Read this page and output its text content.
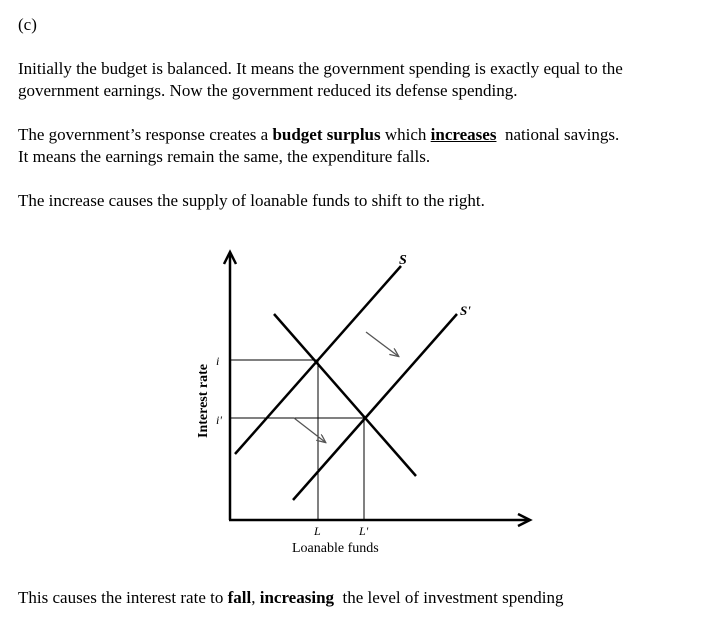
(c)

Initially the budget is balanced. It means the government spending is exactly equal to the
government earnings. Now the government reduced its defense spending.
The government’s response creates a budget surplus which increases  national savings.
It means the earnings remain the same, the expenditure falls.

The increase causes the supply of loanable funds to shift to the right.

S
S'
i
i'
L	L'
Loanable funds
Interest rate
This causes the interest rate to fall, increasing  the level of investment spending
